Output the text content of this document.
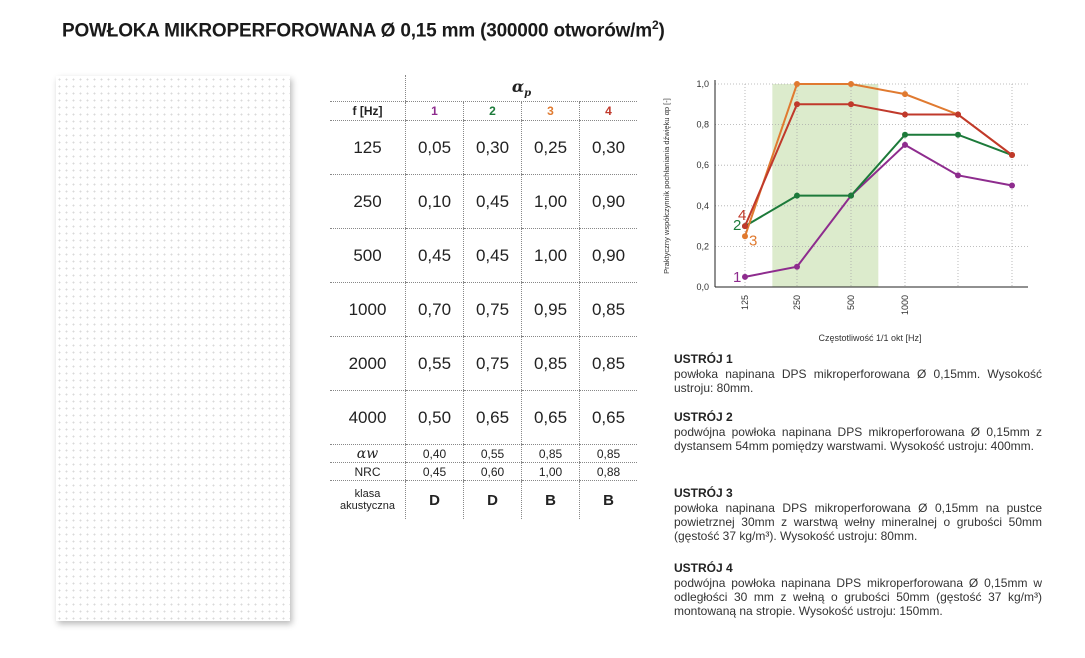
POWŁOKA MIKROPERFOROWANA Ø 0,15 mm (300000 otworów/$m^2$)
	$\alpha_p$
f [Hz]	1	2	3	4
125	0,05	0,30	0,25	0,30
250	0,10	0,45	1,00	0,90
500	0,45	0,45	1,00	0,90
1000	0,70	0,75	0,95	0,85
2000	0,55	0,75	0,85	0,85
4000	0,50	0,65	0,65	0,65
αw	0,40	0,55	0,85	0,85
NRC	0,45	0,60	1,00	0,88
klasa
akustyczna	D	D	B	B
0,0
0,2
0,4
0,6
0,8
1,0
125	250	500	1000
Praktyczny współczynnik pochłaniania dźwięku αp [-]
Częstotliwość 1/1 okt [Hz]
1
2
3
4
USTRÓJ 1
powłoka napinana DPS mikroperforowana Ø 0,15mm. Wysokość ustroju: 80mm.
USTRÓJ 2
podwójna powłoka napinana DPS mikroperforowana Ø 0,15mm z dystansem 54mm pomiędzy warstwami. Wysokość ustroju: 400mm.
USTRÓJ 3
powłoka napinana DPS mikroperforowana Ø 0,15mm na pustce powietrznej 30mm z warstwą wełny mineralnej o grubości 50mm (gęstość 37 kg/m³). Wysokość ustroju: 80mm.
USTRÓJ 4
podwójna powłoka napinana DPS mikroperforowana Ø 0,15mm w odległości 30 mm z wełną o grubości 50mm (gęstość 37 kg/m³) montowaną na stropie. Wysokość ustroju: 150mm.
